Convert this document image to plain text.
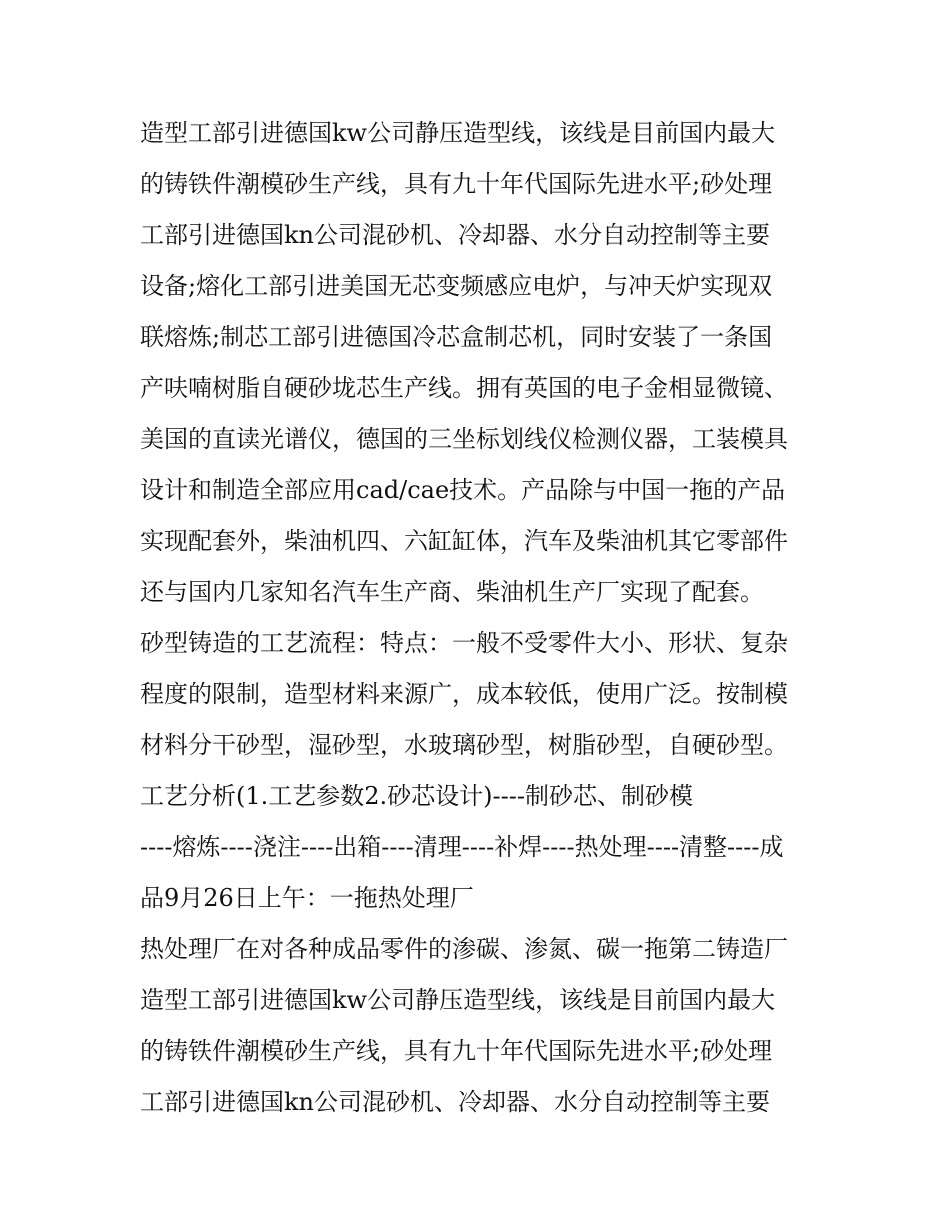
造型工部引进德国kw公司静压造型线，该线是目前国内最大
的铸铁件潮模砂生产线，具有九十年代国际先进水平;砂处理
工部引进德国kn公司混砂机、冷却器、水分自动控制等主要
设备;熔化工部引进美国无芯变频感应电炉，与冲天炉实现双
联熔炼;制芯工部引进德国冷芯盒制芯机，同时安装了一条国
产呋喃树脂自硬砂垅芯生产线。拥有英国的电子金相显微镜、
美国的直读光谱仪，德国的三坐标划线仪检测仪器，工装模具
设计和制造全部应用cad/cae技术。产品除与中国一拖的产品
实现配套外，柴油机四、六缸缸体，汽车及柴油机其它零部件
还与国内几家知名汽车生产商、柴油机生产厂实现了配套。
砂型铸造的工艺流程：特点：一般不受零件大小、形状、复杂
程度的限制，造型材料来源广，成本较低，使用广泛。按制模
材料分干砂型，湿砂型，水玻璃砂型，树脂砂型，自硬砂型。
工艺分析(1.工艺参数2.砂芯设计)----制砂芯、制砂模
----熔炼----浇注----出箱----清理----补焊----热处理----清整----成
品9月26日上午：一拖热处理厂
热处理厂在对各种成品零件的渗碳、渗氮、碳一拖第二铸造厂
造型工部引进德国kw公司静压造型线，该线是目前国内最大
的铸铁件潮模砂生产线，具有九十年代国际先进水平;砂处理
工部引进德国kn公司混砂机、冷却器、水分自动控制等主要
